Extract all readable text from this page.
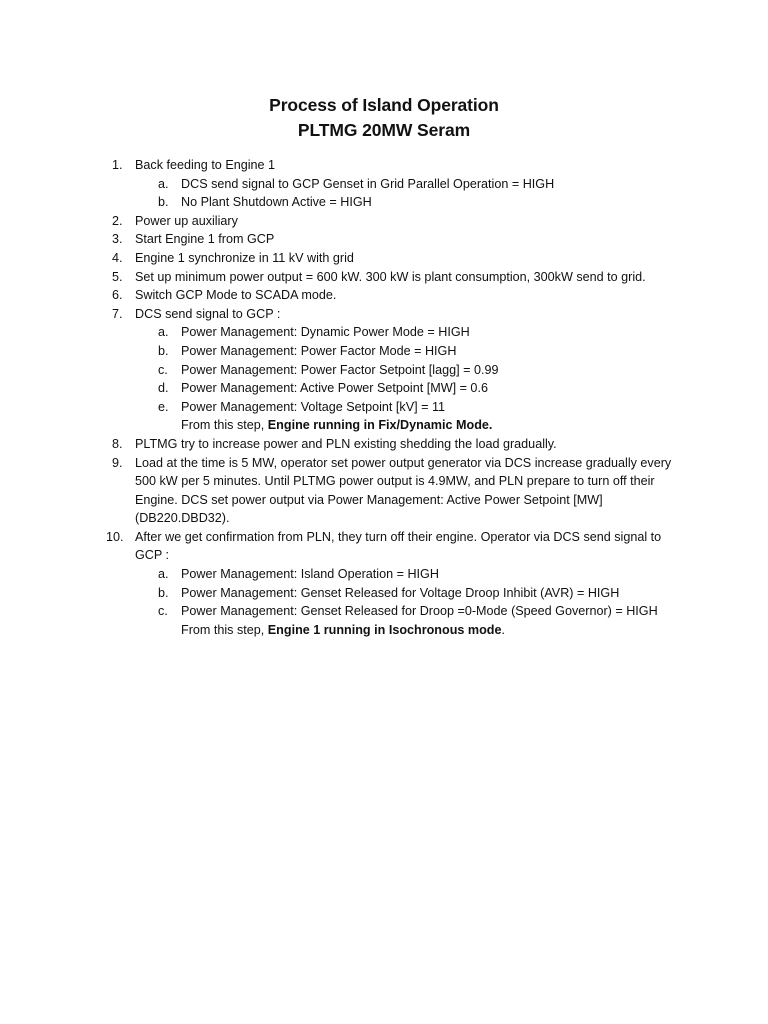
Process of Island Operation
PLTMG 20MW Seram
1. Back feeding to Engine 1
a. DCS send signal to GCP Genset in Grid Parallel Operation = HIGH
b. No Plant Shutdown Active = HIGH
2. Power up auxiliary
3. Start Engine 1 from GCP
4. Engine 1 synchronize in 11 kV with grid
5. Set up minimum power output = 600 kW. 300 kW is plant consumption, 300kW send to grid.
6. Switch GCP Mode to SCADA mode.
7. DCS send signal to GCP :
a. Power Management: Dynamic Power Mode = HIGH
b. Power Management: Power Factor Mode = HIGH
c. Power Management: Power Factor Setpoint [lagg] = 0.99
d. Power Management: Active Power Setpoint [MW] = 0.6
e. Power Management: Voltage Setpoint [kV] = 11
From this step, Engine running in Fix/Dynamic Mode.
8. PLTMG try to increase power and PLN existing shedding the load gradually.
9. Load at the time is 5 MW, operator set power output generator via DCS increase gradually every
500 kW per 5 minutes. Until PLTMG power output is 4.9MW, and PLN prepare to turn off their
Engine. DCS set power output via Power Management: Active Power Setpoint [MW]
(DB220.DBD32).
10. After we get confirmation from PLN, they turn off their engine. Operator via DCS send signal to
GCP :
a. Power Management: Island Operation = HIGH
b. Power Management: Genset Released for Voltage Droop Inhibit (AVR) = HIGH
c. Power Management: Genset Released for Droop =0-Mode (Speed Governor) = HIGH
From this step, Engine 1 running in Isochronous mode.
